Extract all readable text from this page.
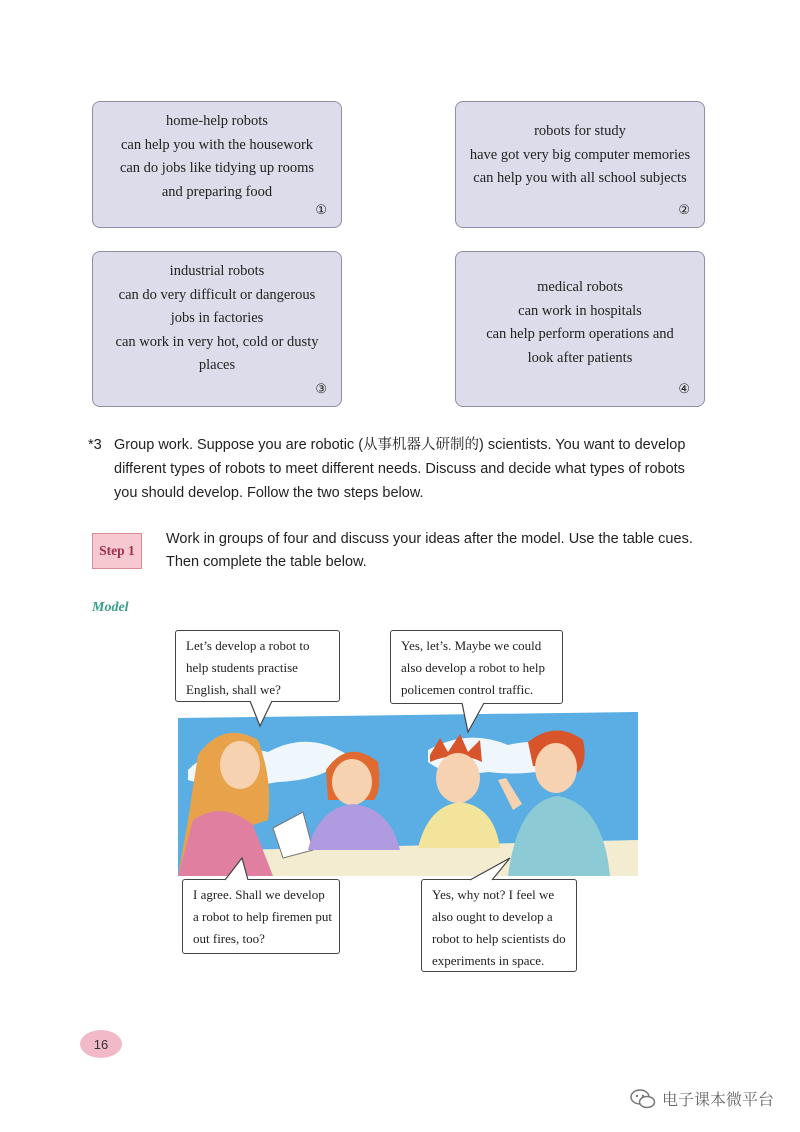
home-help robots
can help you with the housework
can do jobs like tidying up rooms
and preparing food
①
robots for study
have got very big computer memories
can help you with all school subjects
②
industrial robots
can do very difficult or dangerous
jobs in factories
can work in very hot, cold or dusty
places
③
medical robots
can work in hospitals
can help perform operations and
look after patients
④
*3 Group work. Suppose you are robotic (从事机器人研制的) scientists. You want to develop
different types of robots to meet different needs. Discuss and decide what types of robots
you should develop. Follow the two steps below.
Step 1
Work in groups of four and discuss your ideas after the model. Use the table cues.
Then complete the table below.
Model
Let’s develop a robot to
help students practise
English, shall we?
Yes, let’s. Maybe we could
also develop a robot to help
policemen control traffic.
I agree. Shall we develop
a robot to help firemen put
out fires, too?
Yes, why not? I feel we
also ought to develop a
robot to help scientists do
experiments in space.
16
电子课本微平台
